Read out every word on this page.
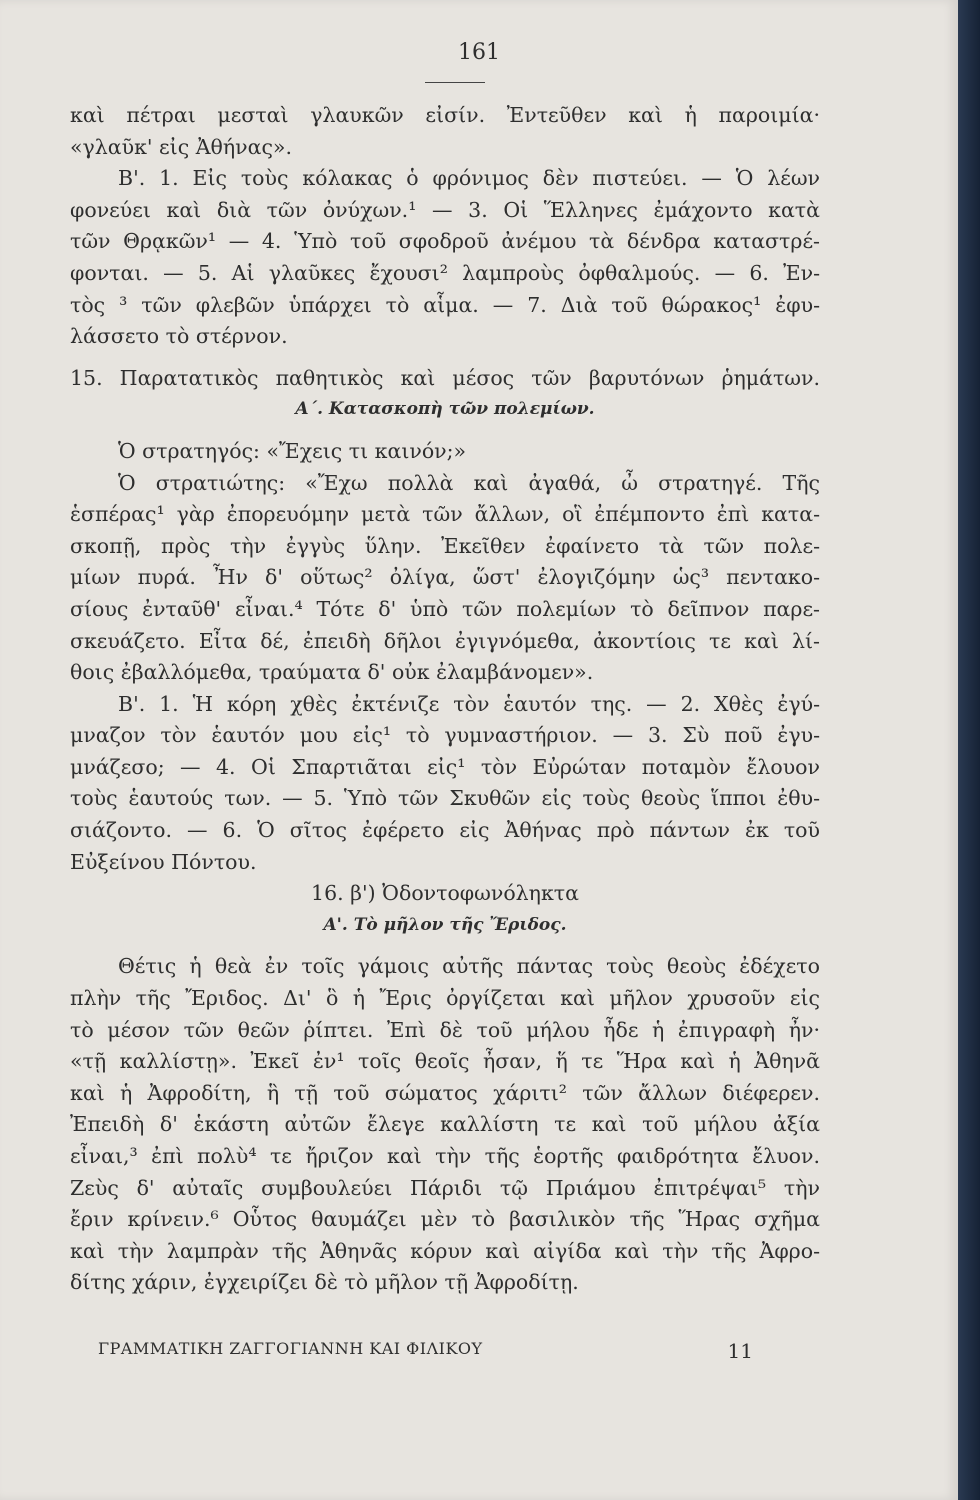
161
καὶ πέτραι μεσταὶ γλαυκῶν εἰσίν. Ἐντεῦθεν καὶ ἡ παροιμία·
«γλαῦκ' εἰς Ἀθήνας».
Β'. 1. Εἰς τοὺς κόλακας ὁ φρόνιμος δὲν πιστεύει. — Ὁ λέων
φονεύει καὶ διὰ τῶν ὀνύχων.¹ — 3. Οἱ Ἕλληνες ἐμάχοντο κατὰ
τῶν Θρᾳκῶν¹ — 4. Ὑπὸ τοῦ σφοδροῦ ἀνέμου τὰ δένδρα καταστρέ-
φονται. — 5. Αἱ γλαῦκες ἔχουσι² λαμπροὺς ὀφθαλμούς. — 6. Ἐν-
τὸς ³ τῶν φλεβῶν ὑπάρχει τὸ αἷμα. — 7. Διὰ τοῦ θώρακος¹ ἐφυ-
λάσσετο τὸ στέρνον.
15. Παρατατικὸς παθητικὸς καὶ μέσος τῶν βαρυτόνων ῥημάτων.
Α΄. Κατασκοπὴ τῶν πολεμίων.
Ὁ στρατηγός: «Ἔχεις τι καινόν;»
Ὁ στρατιώτης: «Ἔχω πολλὰ καὶ ἀγαθά, ὦ στρατηγέ. Τῆς
ἑσπέρας¹ γὰρ ἐπορευόμην μετὰ τῶν ἄλλων, οἳ ἐπέμποντο ἐπὶ κατα-
σκοπῇ, πρὸς τὴν ἐγγὺς ὕλην. Ἐκεῖθεν ἐφαίνετο τὰ τῶν πολε-
μίων πυρά. Ἦν δ' οὕτως² ὀλίγα, ὥστ' ἐλογιζόμην ὡς³ πεντακο-
σίους ἐνταῦθ' εἶναι.⁴ Τότε δ' ὑπὸ τῶν πολεμίων τὸ δεῖπνον παρε-
σκευάζετο. Εἶτα δέ, ἐπειδὴ δῆλοι ἐγιγνόμεθα, ἀκοντίοις τε καὶ λί-
θοις ἐβαλλόμεθα, τραύματα δ' οὐκ ἐλαμβάνομεν».
Β'. 1. Ἡ κόρη χθὲς ἐκτένιζε τὸν ἑαυτόν της. — 2. Χθὲς ἐγύ-
μναζον τὸν ἑαυτόν μου εἰς¹ τὸ γυμναστήριον. — 3. Σὺ ποῦ ἐγυ-
μνάζεσο; — 4. Οἱ Σπαρτιᾶται εἰς¹ τὸν Εὐρώταν ποταμὸν ἔλουον
τοὺς ἑαυτούς των. — 5. Ὑπὸ τῶν Σκυθῶν εἰς τοὺς θεοὺς ἵπποι ἐθυ-
σιάζοντο. — 6. Ὁ σῖτος ἐφέρετο εἰς Ἀθήνας πρὸ πάντων ἐκ τοῦ
Εὐξείνου Πόντου.
16. β') Ὀδοντοφωνόληκτα
Α'. Τὸ μῆλον τῆς Ἔριδος.
Θέτις ἡ θεὰ ἐν τοῖς γάμοις αὐτῆς πάντας τοὺς θεοὺς ἐδέχετο
πλὴν τῆς Ἔριδος. Δι' ὃ ἡ Ἔρις ὀργίζεται καὶ μῆλον χρυσοῦν εἰς
τὸ μέσον τῶν θεῶν ῥίπτει. Ἐπὶ δὲ τοῦ μήλου ἦδε ἡ ἐπιγραφὴ ἦν·
«τῇ καλλίστῃ». Ἐκεῖ ἐν¹ τοῖς θεοῖς ἦσαν, ἥ τε Ἥρα καὶ ἡ Ἀθηνᾶ
καὶ ἡ Ἀφροδίτη, ἣ τῇ τοῦ σώματος χάριτι² τῶν ἄλλων διέφερεν.
Ἐπειδὴ δ' ἑκάστη αὐτῶν ἔλεγε καλλίστη τε καὶ τοῦ μήλου ἀξία
εἶναι,³ ἐπὶ πολὺ⁴ τε ἤριζον καὶ τὴν τῆς ἑορτῆς φαιδρότητα ἔλυον.
Ζεὺς δ' αὐταῖς συμβουλεύει Πάριδι τῷ Πριάμου ἐπιτρέψαι⁵ τὴν
ἔριν κρίνειν.⁶ Οὗτος θαυμάζει μὲν τὸ βασιλικὸν τῆς Ἥρας σχῆμα
καὶ τὴν λαμπρὰν τῆς Ἀθηνᾶς κόρυν καὶ αἰγίδα καὶ τὴν τῆς Ἀφρο-
δίτης χάριν, ἐγχειρίζει δὲ τὸ μῆλον τῇ Ἀφροδίτῃ.
ΓΡΑΜΜΑΤΙΚΗ ΖΑΓΓΟΓΙΑΝΝΗ ΚΑΙ ΦΙΛΙΚΟΥ	11
